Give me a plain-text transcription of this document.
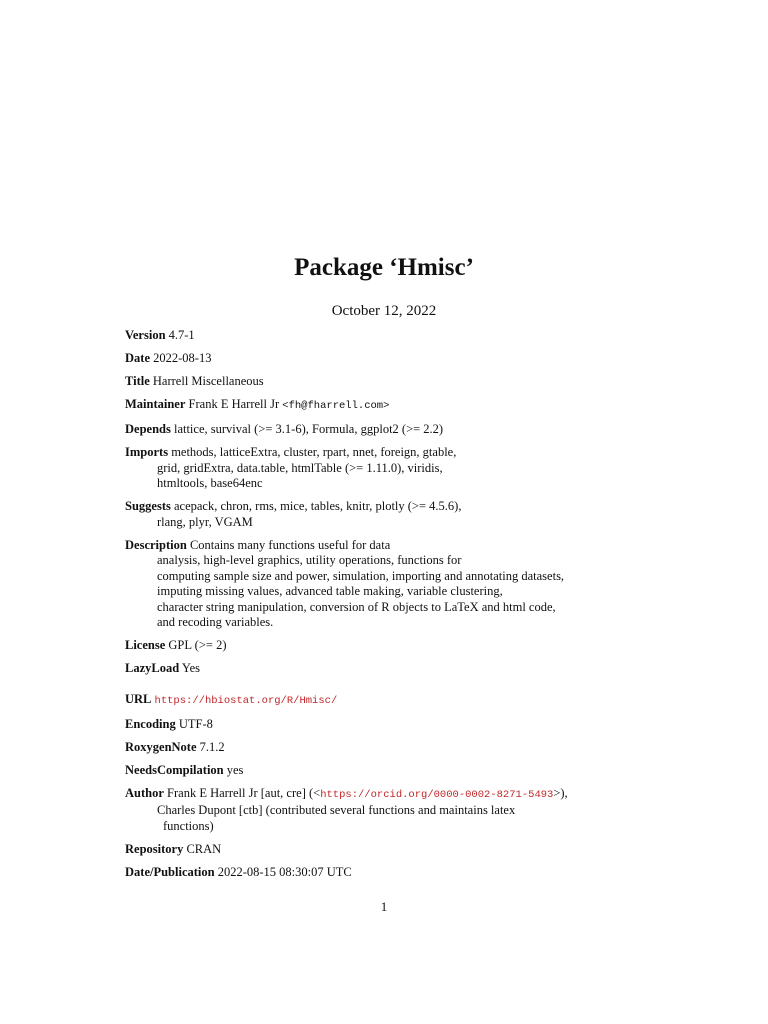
Package ‘Hmisc’
October 12, 2022
Version 4.7-1
Date 2022-08-13
Title Harrell Miscellaneous
Maintainer Frank E Harrell Jr <fh@fharrell.com>
Depends lattice, survival (>= 3.1-6), Formula, ggplot2 (>= 2.2)
Imports methods, latticeExtra, cluster, rpart, nnet, foreign, gtable,
grid, gridExtra, data.table, htmlTable (>= 1.11.0), viridis,
htmltools, base64enc
Suggests acepack, chron, rms, mice, tables, knitr, plotly (>= 4.5.6),
rlang, plyr, VGAM
Description Contains many functions useful for data
analysis, high-level graphics, utility operations, functions for
computing sample size and power, simulation, importing and annotating datasets,
imputing missing values, advanced table making, variable clustering,
character string manipulation, conversion of R objects to LaTeX and html code,
and recoding variables.
License GPL (>= 2)
LazyLoad Yes
URL https://hbiostat.org/R/Hmisc/
Encoding UTF-8
RoxygenNote 7.1.2
NeedsCompilation yes
Author Frank E Harrell Jr [aut, cre] (<https://orcid.org/0000-0002-8271-5493>),
Charles Dupont [ctb] (contributed several functions and maintains latex
functions)
Repository CRAN
Date/Publication 2022-08-15 08:30:07 UTC
1
